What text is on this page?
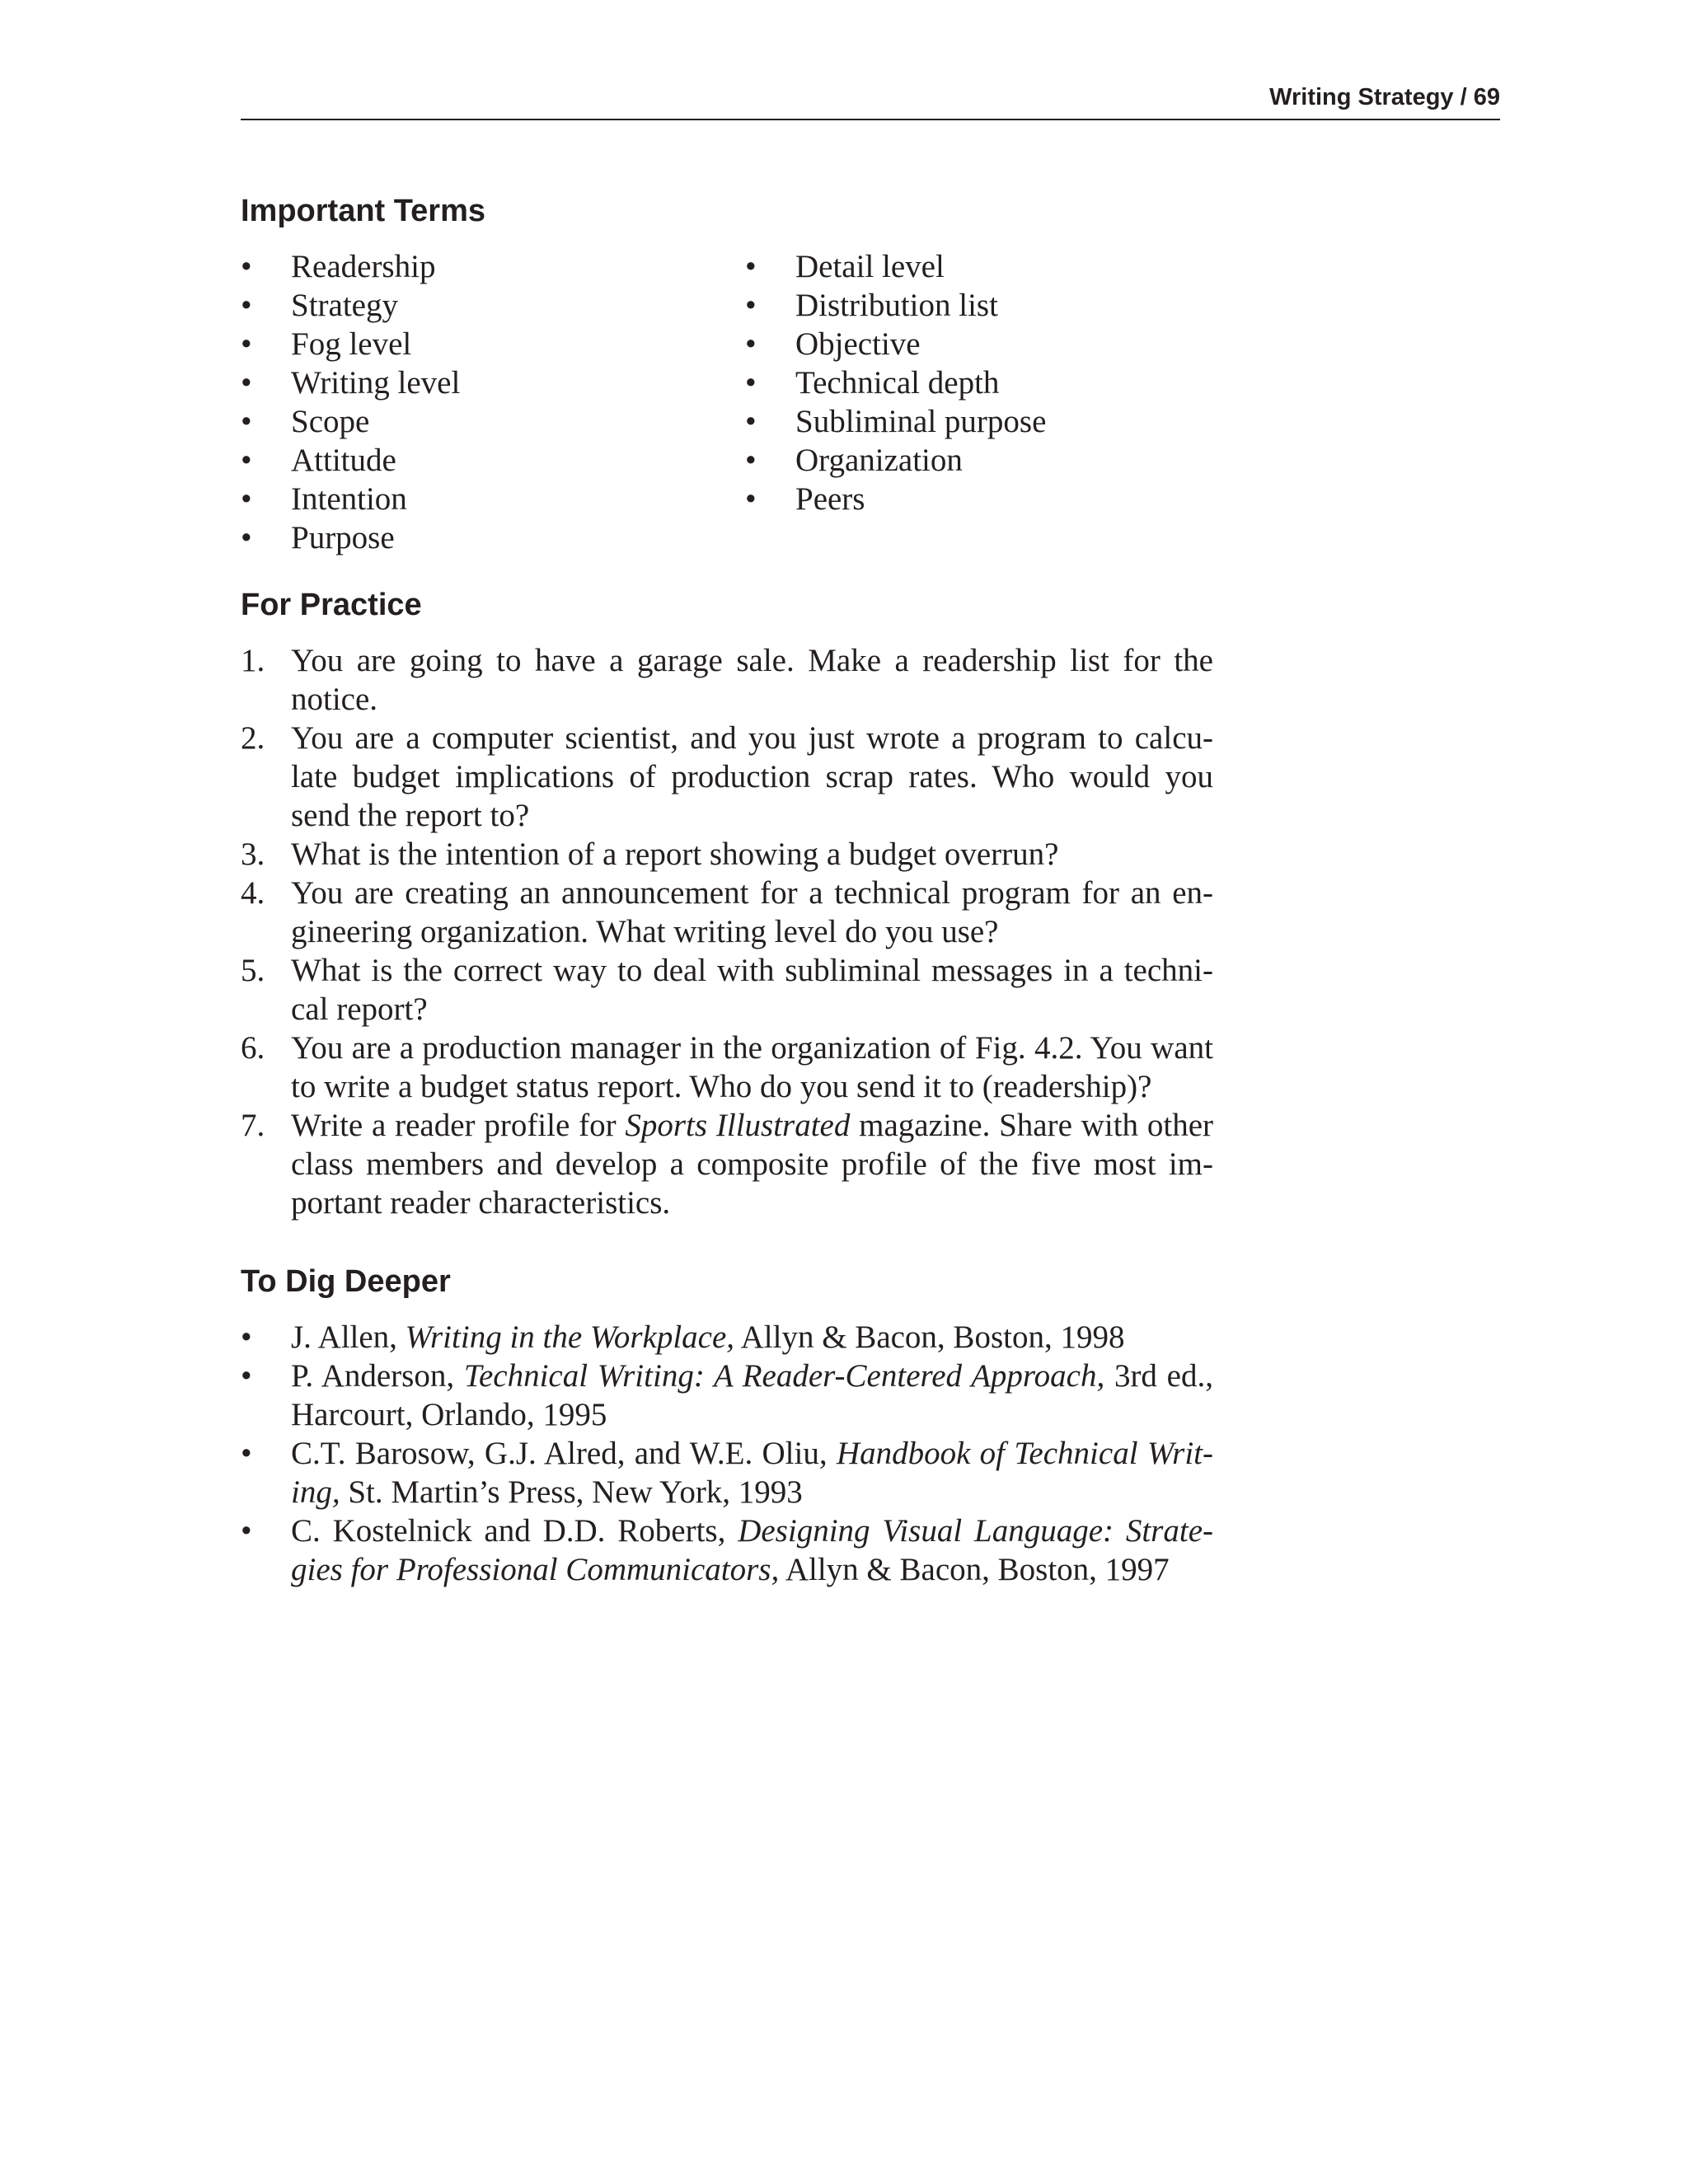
Writing Strategy / 69
Important Terms
• Readership
• Strategy
• Fog level
• Writing level
• Scope
• Attitude
• Intention
• Purpose
• Detail level
• Distribution list
• Objective
• Technical depth
• Subliminal purpose
• Organization
• Peers
For Practice
1. You are going to have a garage sale. Make a readership list for the notice.
2. You are a computer scientist, and you just wrote a program to calcu-late budget implications of production scrap rates. Who would you send the report to?
3. What is the intention of a report showing a budget overrun?
4. You are creating an announcement for a technical program for an en-gineering organization. What writing level do you use?
5. What is the correct way to deal with subliminal messages in a techni-cal report?
6. You are a production manager in the organization of Fig. 4.2. You want to write a budget status report. Who do you send it to (readership)?
7. Write a reader profile for Sports Illustrated magazine. Share with other class members and develop a composite profile of the five most im-portant reader characteristics.
To Dig Deeper
• J. Allen, Writing in the Workplace, Allyn & Bacon, Boston, 1998
• P. Anderson, Technical Writing: A Reader-Centered Approach, 3rd ed., Harcourt, Orlando, 1995
• C.T. Barosow, G.J. Alred, and W.E. Oliu, Handbook of Technical Writ-ing, St. Martin’s Press, New York, 1993
• C. Kostelnick and D.D. Roberts, Designing Visual Language: Strate-gies for Professional Communicators, Allyn & Bacon, Boston, 1997
